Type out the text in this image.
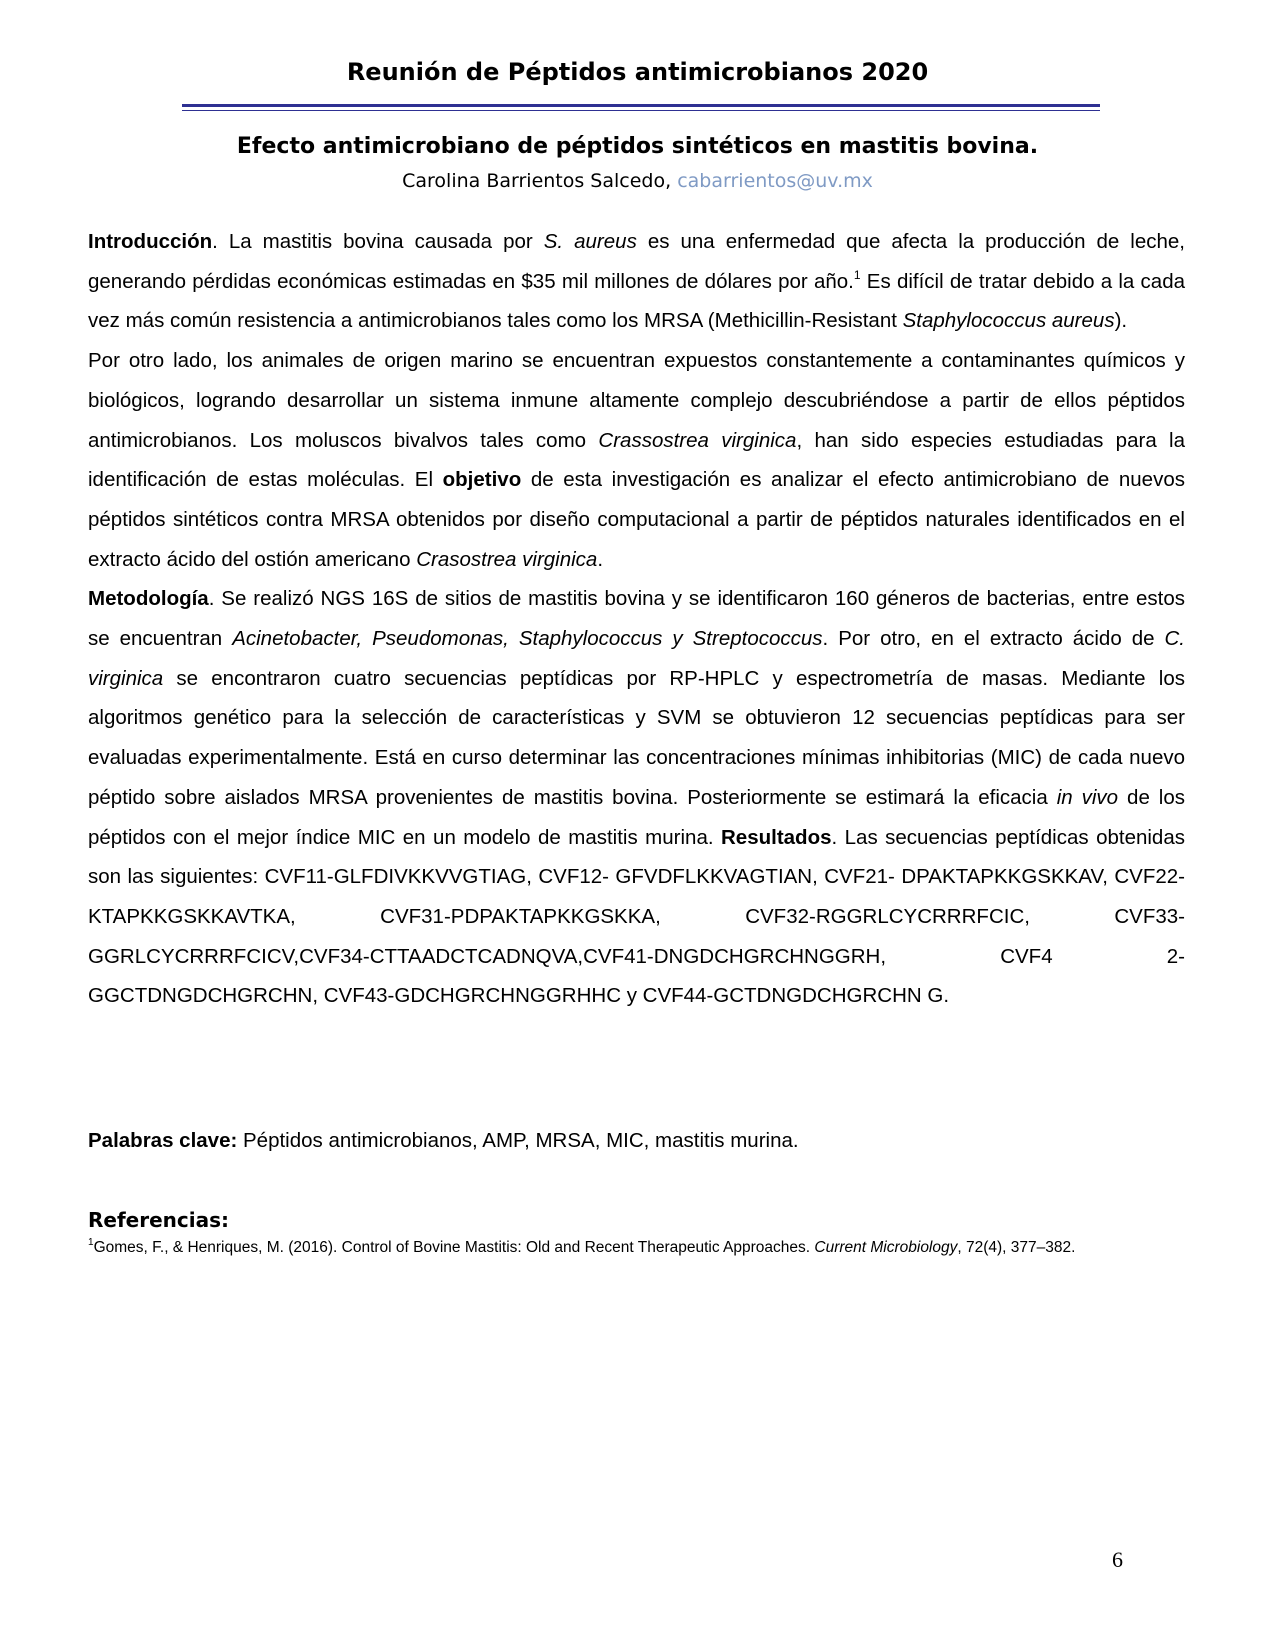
Reunión de Péptidos antimicrobianos 2020
Efecto antimicrobiano de péptidos sintéticos en mastitis bovina.
Carolina Barrientos Salcedo, cabarrientos@uv.mx

Introducción. La mastitis bovina causada por S. aureus es una enfermedad que afecta la producción de leche, generando pérdidas económicas estimadas en $35 mil millones de dólares por año.$^1$ Es difícil de tratar debido a la cada vez más común resistencia a antimicrobianos tales como los MRSA (Methicillin-Resistant Staphylococcus aureus).

Por otro lado, los animales de origen marino se encuentran expuestos constantemente a contaminantes químicos y biológicos, logrando desarrollar un sistema inmune altamente complejo descubriéndose a partir de ellos péptidos antimicrobianos. Los moluscos bivalvos tales como Crassostrea virginica, han sido especies estudiadas para la identificación de estas moléculas. El objetivo de esta investigación es analizar el efecto antimicrobiano de nuevos péptidos sintéticos contra MRSA obtenidos por diseño computacional a partir de péptidos naturales identificados en el extracto ácido del ostión americano Crasostrea virginica.
Metodología. Se realizó NGS 16S de sitios de mastitis bovina y se identificaron 160 géneros de bacterias, entre estos se encuentran Acinetobacter, Pseudomonas, Staphylococcus y Streptococcus. Por otro, en el extracto ácido de C. virginica se encontraron cuatro secuencias peptídicas por RP-HPLC y espectrometría de masas. Mediante los algoritmos genético para la selección de características y SVM se obtuvieron 12 secuencias peptídicas para ser evaluadas experimentalmente. Está en curso determinar las concentraciones mínimas inhibitorias (MIC) de cada nuevo péptido sobre aislados MRSA provenientes de mastitis bovina. Posteriormente se estimará la eficacia in vivo de los péptidos con el mejor índice MIC en un modelo de mastitis murina. Resultados. Las secuencias peptídicas obtenidas son las siguientes: CVF11-GLFDIVKKVVGTIAG, CVF12- GFVDFLKKVAGTIAN, CVF21- DPAKTAPKKGSKKAV, CVF22-KTAPKKGSKKAVTKA, CVF31-PDPAKTAPKKGSKKA, CVF32-RGGRLCYCRRRFCIC, CVF33-GGRLCYCRRRFCICV,CVF34-CTTAADCTCADNQVA,CVF41-DNGDCHGRCHNGGRH, CVF4 2-GGCTDNGDCHGRCHN, CVF43-GDCHGRCHNGGRHHC y CVF44-GCTDNGDCHGRCHN G.

Palabras clave: Péptidos antimicrobianos, AMP, MRSA, MIC, mastitis murina.
Referencias:
$^1$Gomes, F., & Henriques, M. (2016). Control of Bovine Mastitis: Old and Recent Therapeutic Approaches. Current Microbiology, 72(4), 377–382.
6
